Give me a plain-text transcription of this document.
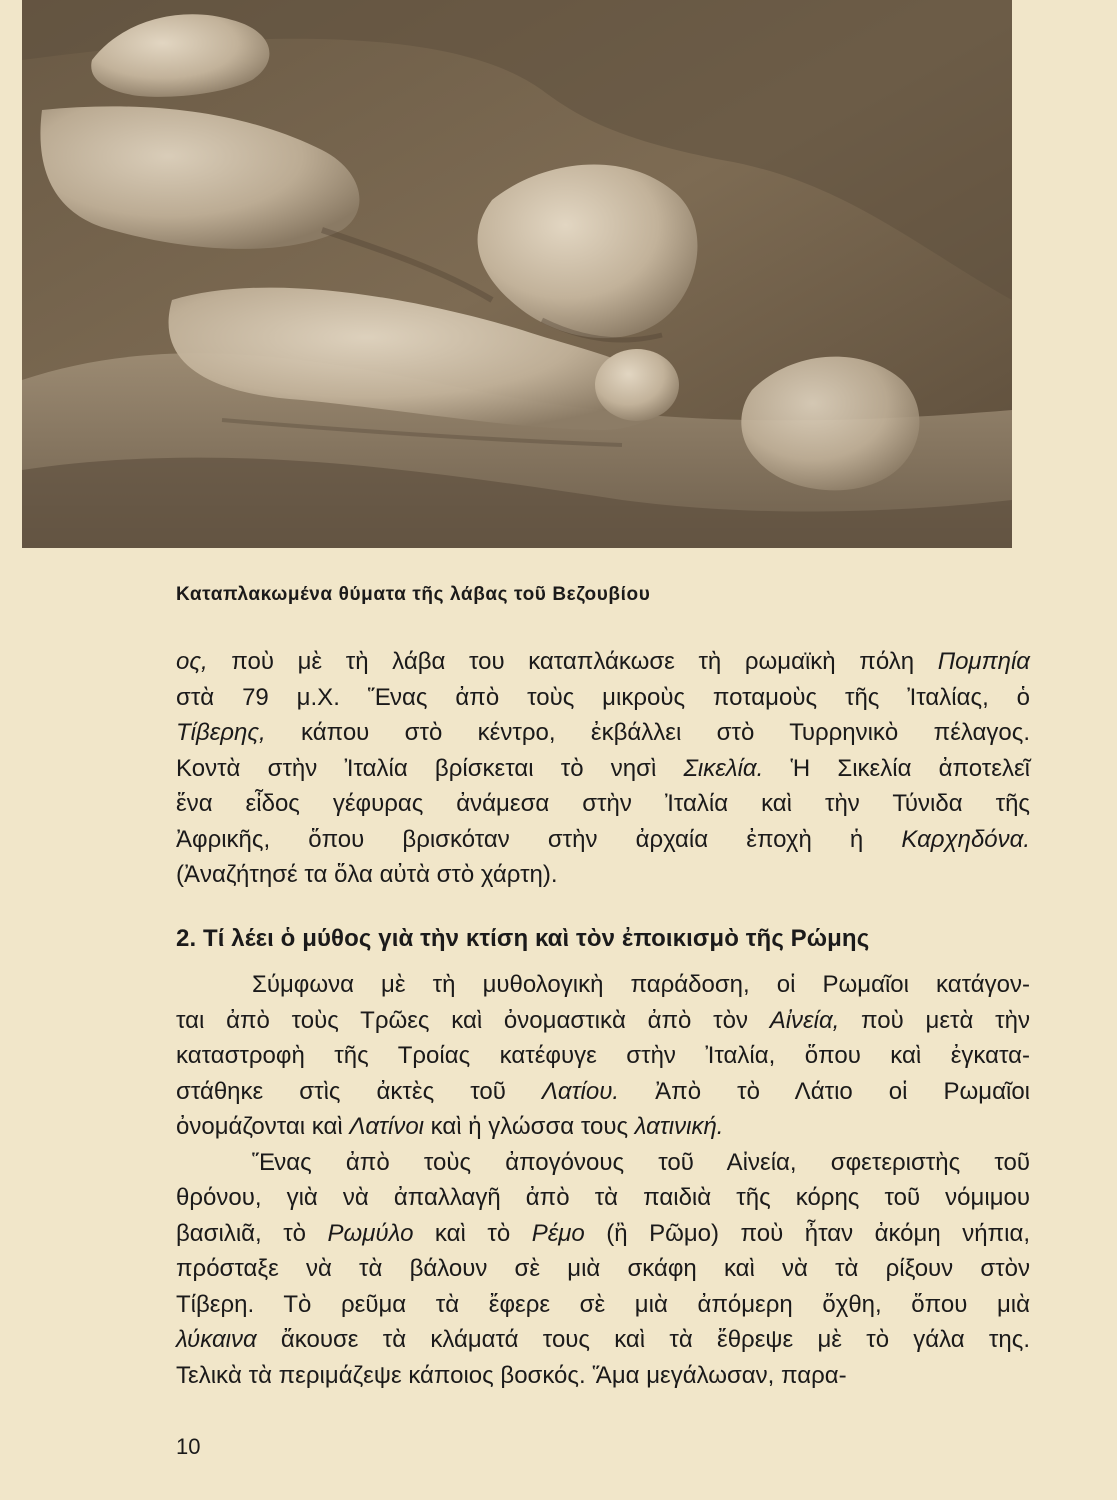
Καταπλακωμένα θύματα τῆς λάβας τοῦ Βεζουβίου

ος, ποὺ μὲ τὴ λάβα του καταπλάκωσε τὴ ρωμαϊκὴ πόλη Πομπηία

στὰ 79 μ.Χ. Ἕνας ἀπὸ τοὺς μικροὺς ποταμοὺς τῆς Ἰταλίας, ὁ

Τίβερης, κάπου στὸ κέντρο, ἐκβάλλει στὸ Τυρρηνικὸ πέλαγος.

Κοντὰ στὴν Ἰταλία βρίσκεται τὸ νησὶ Σικελία. Ἡ Σικελία ἀποτελεῖ

ἕνα εἶδος γέφυρας ἀνάμεσα στὴν Ἰταλία καὶ τὴν Τύνιδα τῆς

Ἀφρικῆς, ὅπου βρισκόταν στὴν ἀρχαία ἐποχὴ ἡ Καρχηδόνα.

(Ἀναζήτησέ τα ὅλα αὐτὰ στὸ χάρτη).

2. Τί λέει ὁ μύθος γιὰ τὴν κτίση καὶ τὸν ἐποικισμὸ τῆς Ρώμης

Σύμφωνα μὲ τὴ μυθολογικὴ παράδοση, οἱ Ρωμαῖοι κατάγον-

ται ἀπὸ τοὺς Τρῶες καὶ ὀνομαστικὰ ἀπὸ τὸν Αἰνεία, ποὺ μετὰ τὴν

καταστροφὴ τῆς Τροίας κατέφυγε στὴν Ἰταλία, ὅπου καὶ ἐγκατα-

στάθηκε στὶς ἀκτὲς τοῦ Λατίου. Ἀπὸ τὸ Λάτιο οἱ Ρωμαῖοι

ὀνομάζονται καὶ Λατίνοι καὶ ἡ γλώσσα τους λατινική.

Ἕνας ἀπὸ τοὺς ἀπογόνους τοῦ Αἰνεία, σφετεριστὴς τοῦ

θρόνου, γιὰ νὰ ἀπαλλαγῆ ἀπὸ τὰ παιδιὰ τῆς κόρης τοῦ νόμιμου

βασιλιᾶ, τὸ Ρωμύλο καὶ τὸ Ρέμο (ἢ Ρῶμο) ποὺ ἦταν ἀκόμη νήπια,

πρόσταξε νὰ τὰ βάλουν σὲ μιὰ σκάφη καὶ νὰ τὰ ρίξουν στὸν

Τίβερη. Τὸ ρεῦμα τὰ ἔφερε σὲ μιὰ ἀπόμερη ὄχθη, ὅπου μιὰ

λύκαινα ἄκουσε τὰ κλάματά τους καὶ τὰ ἔθρεψε μὲ τὸ γάλα της.

Τελικὰ τὰ περιμάζεψε κάποιος βοσκός. Ἅμα μεγάλωσαν, παρα-

10
